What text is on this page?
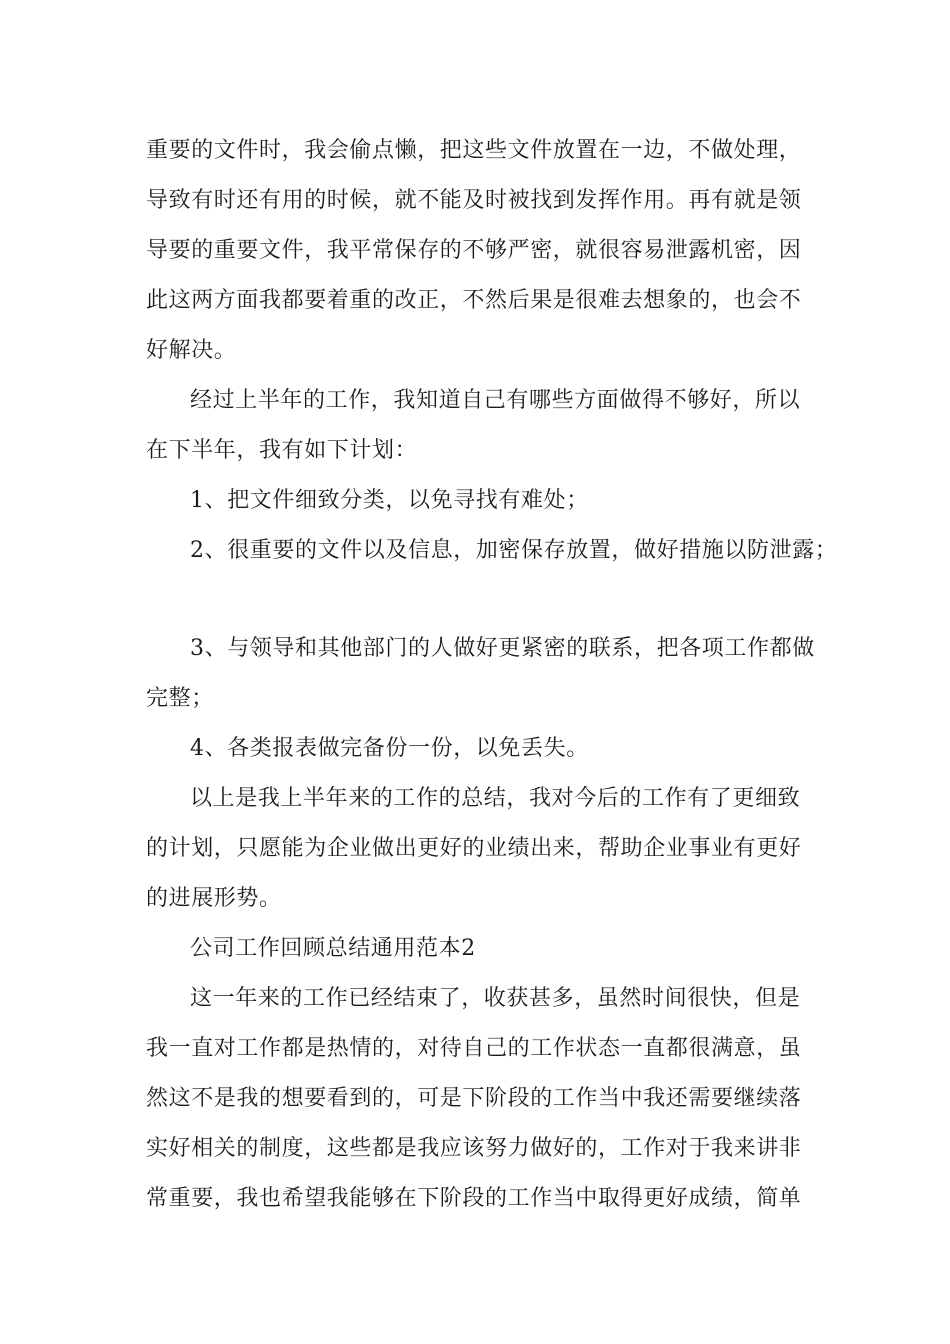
重要的文件时，我会偷点懒，把这些文件放置在一边，不做处理，
导致有时还有用的时候，就不能及时被找到发挥作用。再有就是领
导要的重要文件，我平常保存的不够严密，就很容易泄露机密，因
此这两方面我都要着重的改正，不然后果是很难去想象的，也会不
好解决。
经过上半年的工作，我知道自己有哪些方面做得不够好，所以
在下半年，我有如下计划：
1、把文件细致分类，以免寻找有难处；
2、很重要的文件以及信息，加密保存放置，做好措施以防泄露；
3、与领导和其他部门的人做好更紧密的联系，把各项工作都做
完整；
4、各类报表做完备份一份，以免丢失。
以上是我上半年来的工作的总结，我对今后的工作有了更细致
的计划，只愿能为企业做出更好的业绩出来，帮助企业事业有更好
的进展形势。
公司工作回顾总结通用范本2
这一年来的工作已经结束了，收获甚多，虽然时间很快，但是
我一直对工作都是热情的，对待自己的工作状态一直都很满意，虽
然这不是我的想要看到的，可是下阶段的工作当中我还需要继续落
实好相关的制度，这些都是我应该努力做好的，工作对于我来讲非
常重要，我也希望我能够在下阶段的工作当中取得更好成绩，简单
